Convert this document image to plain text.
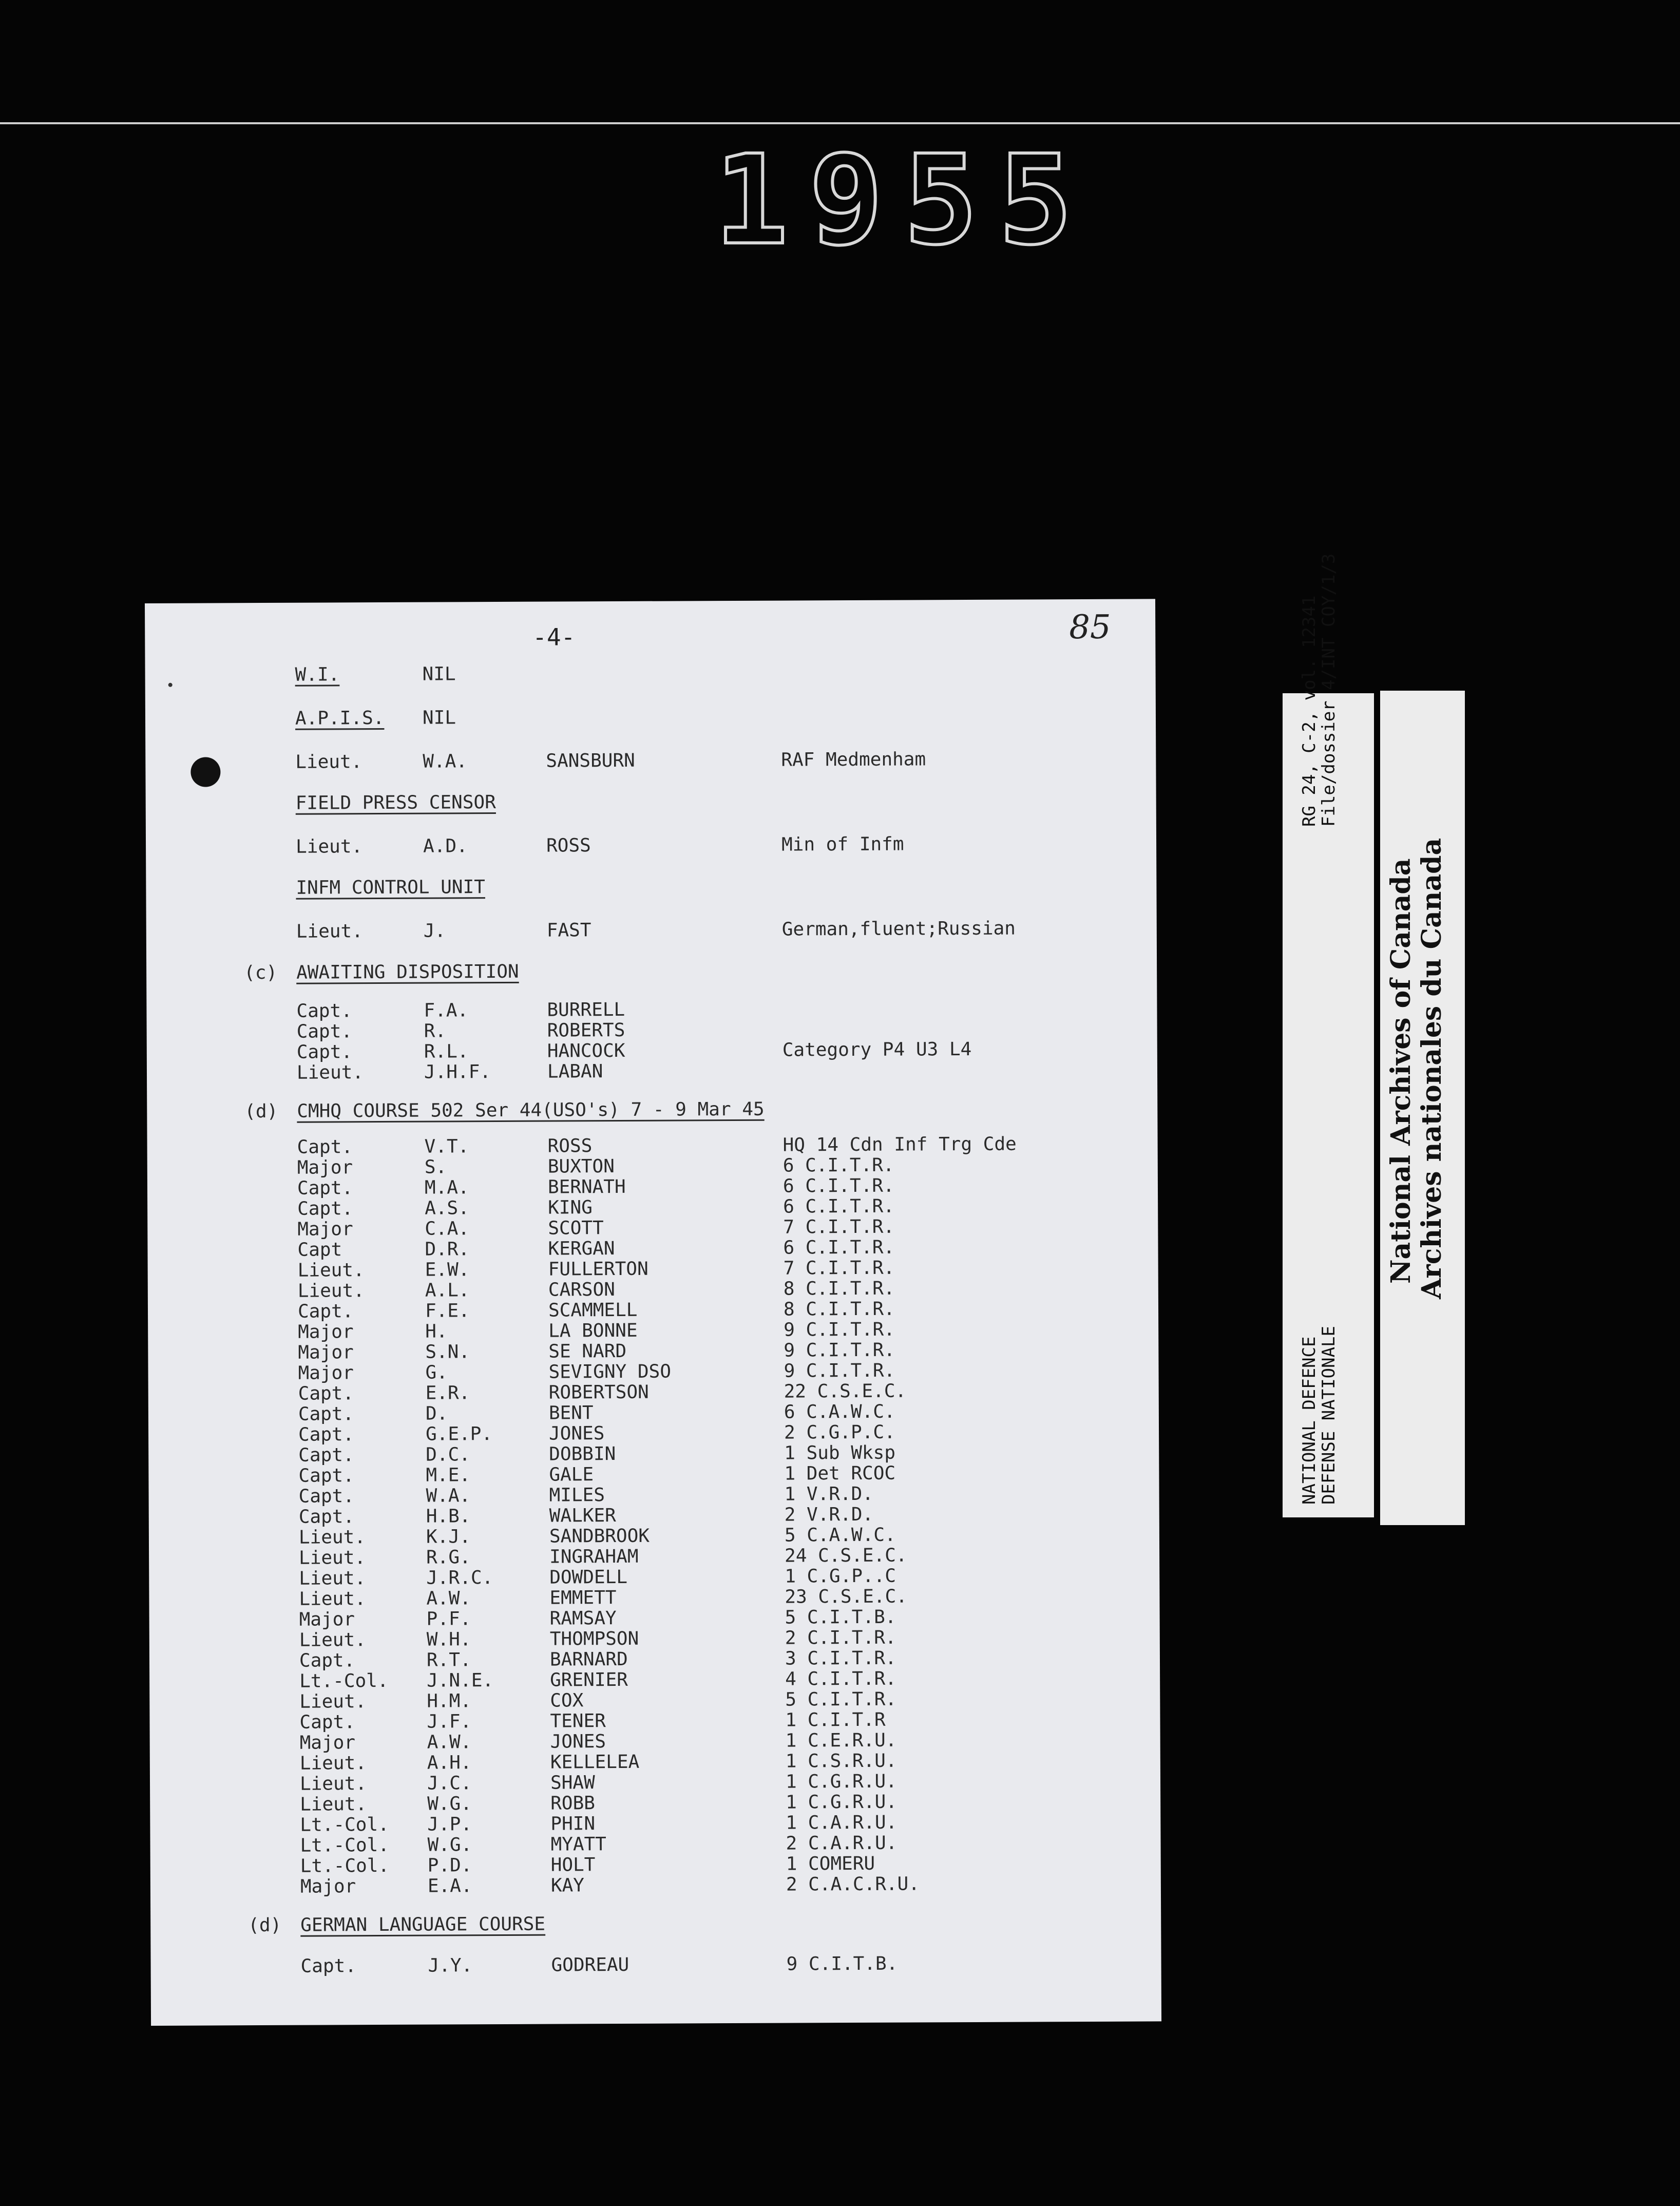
1955
-4-	85
W.I.	NIL
A.P.I.S. NIL
Lieut.	W.A.	SANSBURN	RAF Medmenham
FIELD PRESS CENSOR
Lieut.	A.D.	ROSS	Min of Infm
INFM CONTROL UNIT
Lieut.	J.	FAST	German,fluent;Russian
(c) AWAITING DISPOSITION
Capt.	F.A.	BURRELL
Capt.	R.	ROBERTS
Capt.	R.L.	HANCOCK	Category P4 U3 L4
Lieut.	J.H.F.	LABAN
(d) CMHQ COURSE 502 Ser 44(USO's) 7 - 9 Mar 45
Capt.	V.T.	ROSS	HQ 14 Cdn Inf Trg Cde
Major	S.	BUXTON	6 C.I.T.R.
Capt.	M.A.	BERNATH	6 C.I.T.R.
Capt.	A.S.	KING	6 C.I.T.R.
Major	C.A.	SCOTT	7 C.I.T.R.
Capt	D.R.	KERGAN	6 C.I.T.R.
Lieut.	E.W.	FULLERTON	7 C.I.T.R.
Lieut.	A.L.	CARSON	8 C.I.T.R.
Capt.	F.E.	SCAMMELL	8 C.I.T.R.
Major	H.	LA BONNE	9 C.I.T.R.
Major	S.N.	SE NARD	9 C.I.T.R.
Major	G.	SEVIGNY DSO	9 C.I.T.R.
Capt.	E.R.	ROBERTSON	22 C.S.E.C.
Capt.	D.	BENT	6 C.A.W.C.
Capt.	G.E.P.	JONES	2 C.G.P.C.
Capt.	D.C.	DOBBIN	1 Sub Wksp
Capt.	M.E.	GALE	1 Det RCOC
Capt.	W.A.	MILES	1 V.R.D.
Capt.	H.B.	WALKER	2 V.R.D.
Lieut.	K.J.	SANDBROOK	5 C.A.W.C.
Lieut.	R.G.	INGRAHAM	24 C.S.E.C.
Lieut.	J.R.C.	DOWDELL	1 C.G.P..C
Lieut.	A.W.	EMMETT	23 C.S.E.C.
Major	P.F.	RAMSAY	5 C.I.T.B.
Lieut.	W.H.	THOMPSON	2 C.I.T.R.
Capt.	R.T.	BARNARD	3 C.I.T.R.
Lt.-Col. J.N.E.	GRENIER	4 C.I.T.R.
Lieut.	H.M.	COX	5 C.I.T.R.
Capt.	J.F.	TENER	1 C.I.T.R
Major	A.W.	JONES	1 C.E.R.U.
Lieut.	A.H.	KELLELEA	1 C.S.R.U.
Lieut.	J.C.	SHAW	1 C.G.R.U.
Lieut.	W.G.	ROBB	1 C.G.R.U.
Lt.-Col. J.P.	PHIN	1 C.A.R.U.
Lt.-Col. W.G.	MYATT	2 C.A.R.U.
Lt.-Col. P.D.	HOLT	1 COMERU
Major	E.A.	KAY	2 C.A.C.R.U.
(d) GERMAN LANGUAGE COURSE
Capt.	J.Y.	GODREAU	9 C.I.T.B.
RG 24, C-2, vol. 12341
File/dossier 4/INT COY/1/3
NATIONAL DEFENCE
DEFENSE NATIONALE
National Archives of Canada Archives nationales du Canada
